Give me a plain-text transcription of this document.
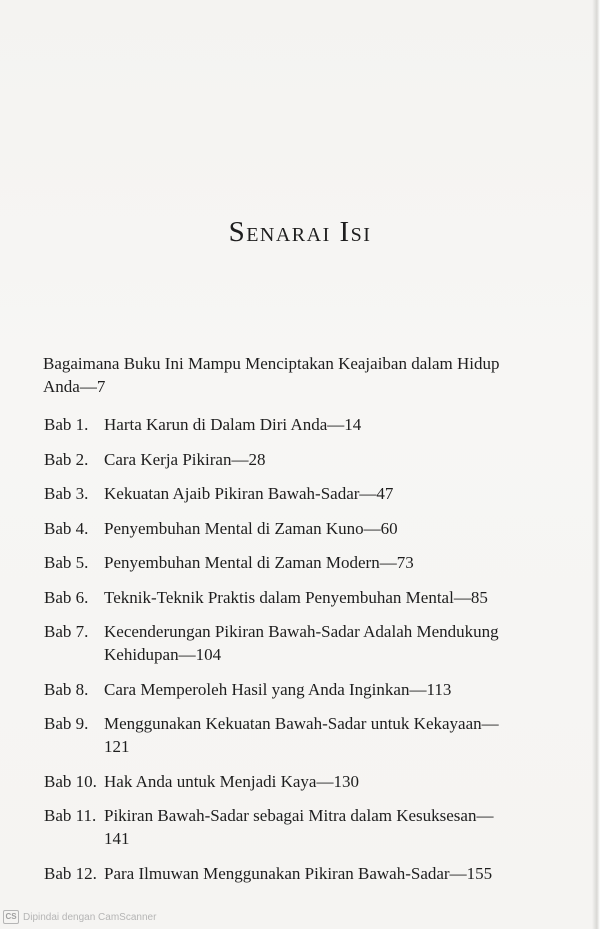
Senarai Isi
Bagaimana Buku Ini Mampu Menciptakan Keajaiban dalam Hidup Anda—7
Bab 1. Harta Karun di Dalam Diri Anda—14
Bab 2. Cara Kerja Pikiran—28
Bab 3. Kekuatan Ajaib Pikiran Bawah-Sadar—47
Bab 4. Penyembuhan Mental di Zaman Kuno—60
Bab 5. Penyembuhan Mental di Zaman Modern—73
Bab 6. Teknik-Teknik Praktis dalam Penyembuhan Mental—85
Bab 7. Kecenderungan Pikiran Bawah-Sadar Adalah Mendukung Kehidupan—104
Bab 8. Cara Memperoleh Hasil yang Anda Inginkan—113
Bab 9. Menggunakan Kekuatan Bawah-Sadar untuk Kekayaan—121
Bab 10. Hak Anda untuk Menjadi Kaya—130
Bab 11. Pikiran Bawah-Sadar sebagai Mitra dalam Kesuksesan—141
Bab 12. Para Ilmuwan Menggunakan Pikiran Bawah-Sadar—155
CS Dipindai dengan CamScanner
